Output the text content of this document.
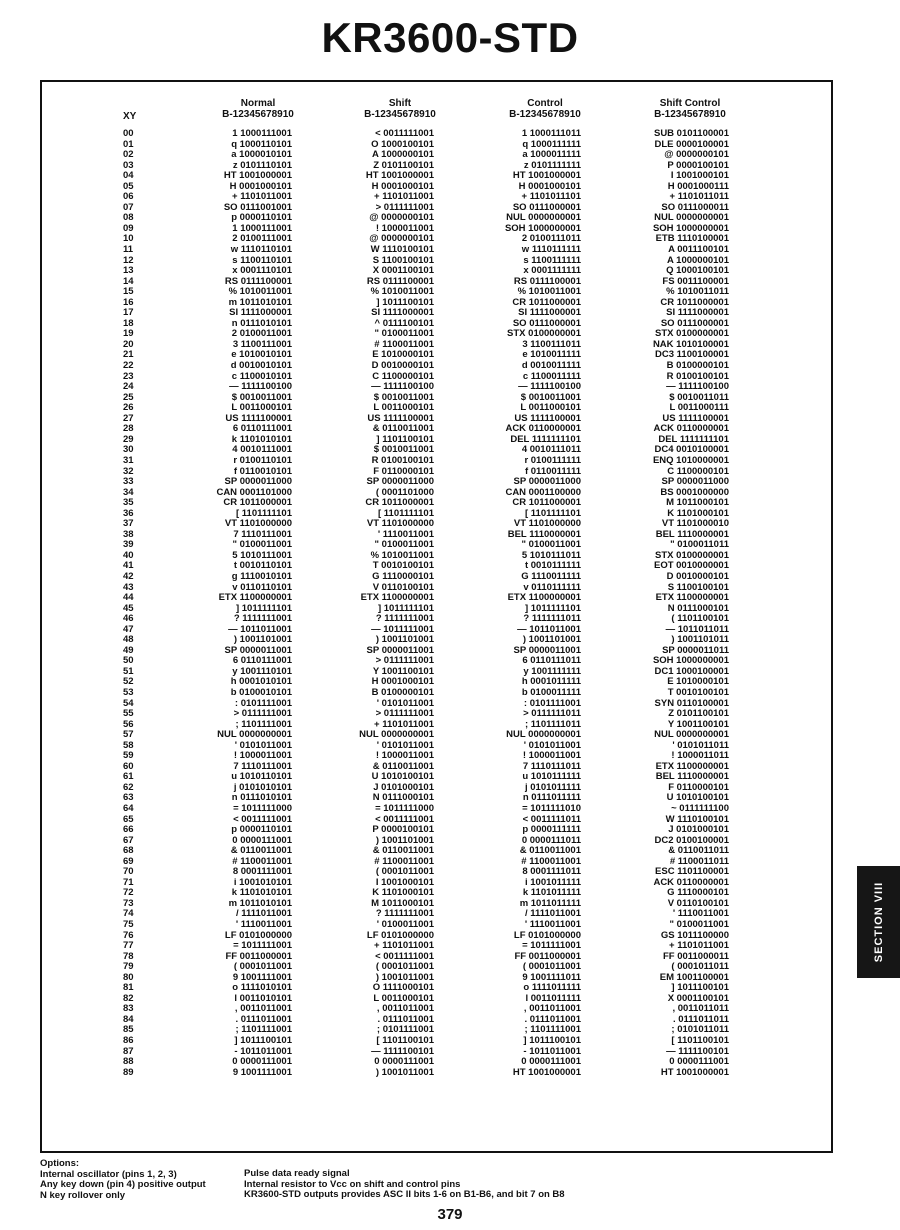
KR3600-STD
XY
Normal
B-12345678910
Shift
B-12345678910
Control
B-12345678910
Shift Control
B-12345678910
00	1 1000111001	< 0011111001	1 1000111011	SUB 0101100001
01	q 1000110101	O 1000100101	q 1000111111	DLE 0000100001
02	a 1000010101	A 1000000101	a 1000011111	@ 0000000101
03	z 0101110101	Z 0101100101	z 0101111111	P 0000100101
04	HT 1001000001	HT 1001000001	HT 1001000001	I 1001000101
05	H 0001000101	H 0001000101	H 0001000101	H 0001000111
06	+ 1101011001	+ 1101011001	+ 1101011101	+ 1101011011
07	SO 0111001001	> 0111111001	SO 0111000001	SO 0111000011
08	p 0000110101	@ 0000000101	NUL 0000000001	NUL 0000000001
09	1 1000111001	! 1000011001	SOH 1000000001	SOH 1000000001
10	2 0100111001	@ 0000000101	2 0100111011	ETB 1110100001
11	w 1110110101	W 1110100101	w 1110111111	A 0011100101
12	s 1100110101	S 1100100101	s 1100111111	A 1000000101
13	x 0001110101	X 0001100101	x 0001111111	Q 1000100101
14	RS 0111100001	RS 0111100001	RS 0111100001	FS 0011100001
15	% 1010011001	% 1010011001	% 1010011001	% 1010011011
16	m 1011010101	] 1011100101	CR 1011000001	CR 1011000001
17	SI 1111000001	SI 1111000001	SI 1111000001	SI 1111000001
18	n 0111010101	^ 0111100101	SO 0111000001	SO 0111000001
19	2 0100011001	" 0100011001	STX 0100000001	STX 0100000001
20	3 1100111001	# 1100011001	3 1100111011	NAK 1010100001
21	e 1010010101	E 1010000101	e 1010011111	DC3 1100100001
22	d 0010010101	D 0010000101	d 0010011111	B 0100000101
23	c 1100010101	C 1100000101	c 1100011111	R 0100100101
24	— 1111100100	— 1111100100	— 1111100100	— 1111100100
25	$ 0010011001	$ 0010011001	$ 0010011001	$ 0010011011
26	L 0011000101	L 0011000101	L 0011000101	L 0011000111
27	US 1111100001	US 1111100001	US 1111100001	US 1111100001
28	6 0110111001	& 0110011001	ACK 0110000001	ACK 0110000001
29	k 1101010101	] 1101100101	DEL 1111111101	DEL 1111111101
30	4 0010111001	$ 0010011001	4 0010111011	DC4 0010100001
31	r 0100110101	R 0100100101	r 0100111111	ENQ 1010000001
32	f 0110010101	F 0110000101	f 0110011111	C 1100000101
33	SP 0000011000	SP 0000011000	SP 0000011000	SP 0000011000
34	CAN 0001101000	( 0001101000	CAN 0001100000	BS 0001000000
35	CR 1011000001	CR 1011000001	CR 1011000001	M 1011000101
36	[ 1101111101	[ 1101111101	[ 1101111101	K 1101000101
37	VT 1101000000	VT 1101000000	VT 1101000000	VT 1101000010
38	7 1110111001	' 1110011001	BEL 1110000001	BEL 1110000001
39	" 0100011001	" 0100011001	" 0100011001	" 0100011011
40	5 1010111001	% 1010011001	5 1010111011	STX 0100000001
41	t 0010110101	T 0010100101	t 0010111111	EOT 0010000001
42	g 1110010101	G 1110000101	G 1110011111	D 0010000101
43	v 0110110101	V 0110100101	v 0110111111	S 1100100101
44	ETX 1100000001	ETX 1100000001	ETX 1100000001	ETX 1100000001
45	] 1011111101	] 1011111101	] 1011111101	N 0111000101
46	? 1111111001	? 1111111001	? 1111111011	( 1101100101
47	— 1011011001	— 1011111001	— 1011011001	— 1011011011
48	) 1001101001	) 1001101001	) 1001101001	) 1001101011
49	SP 0000011001	SP 0000011001	SP 0000011001	SP 0000011011
50	6 0110111001	> 0111111001	6 0110111011	SOH 1000000001
51	y 1001110101	Y 1001100101	y 1001111111	DC1 1000100001
52	h 0001010101	H 0001000101	h 0001011111	E 1010000101
53	b 0100010101	B 0100000101	b 0100011111	T 0010100101
54	: 0101111001	' 0101011001	: 0101111001	SYN 0110100001
55	> 0111111001	> 0111111001	> 0111111011	Z 0101100101
56	; 1101111001	+ 1101011001	; 1101111011	Y 1001100101
57	NUL 0000000001	NUL 0000000001	NUL 0000000001	NUL 0000000001
58	' 0101011001	' 0101011001	' 0101011001	' 0101011011
59	! 1000011001	! 1000011001	! 1000011001	! 1000011011
60	7 1110111001	& 0110011001	7 1110111011	ETX 1100000001
61	u 1010110101	U 1010100101	u 1010111111	BEL 1110000001
62	j 0101010101	J 0101000101	j 0101011111	F 0110000101
63	n 0111010101	N 0111000101	n 0111011111	U 1010100101
64	= 1011111000	= 1011111000	= 1011111010	~ 0111111100
65	< 0011111001	< 0011111001	< 0011111011	W 1110100101
66	p 0000110101	P 0000100101	p 0000111111	J 0101000101
67	0 0000111001	) 1001101001	0 0000111011	DC2 0100100001
68	& 0110011001	& 0110011001	& 0110011001	& 0110011011
69	# 1100011001	# 1100011001	# 1100011001	# 1100011011
70	8 0001111001	( 0001011001	8 0001111011	ESC 1101100001
71	i 1001010101	I 1001000101	i 1001011111	ACK 0110000001
72	k 1101010101	K 1101000101	k 1101011111	G 1110000101
73	m 1011010101	M 1011000101	m 1011011111	V 0110100101
74	/ 1111011001	? 1111111001	/ 1111011001	' 1110011001
75	' 1110011001	' 0100011001	' 1110011001	" 0100011001
76	LF 0101000000	LF 0101000000	LF 0101000000	GS 1011100000
77	= 1011111001	+ 1101011001	= 1011111001	+ 1101011001
78	FF 0011000001	< 0011111001	FF 0011000001	FF 0011000011
79	( 0001011001	( 0001011001	( 0001011001	( 0001011011
80	9 1001111001	) 1001011001	9 1001111011	EM 1001100001
81	o 1111010101	O 1111000101	o 1111011111	] 1011100101
82	l 0011010101	L 0011000101	l 0011011111	X 0001100101
83	, 0011011001	, 0011011001	, 0011011001	, 0011011011
84	. 0111011001	. 0111011001	. 0111011001	. 0111011011
85	; 1101111001	; 0101111001	; 1101111001	; 0101011011
86	] 1011100101	[ 1101100101	] 1011100101	[ 1101100101
87	- 1011011001	— 1111100101	- 1011011001	— 1111100101
88	0 0000111001	0 0000111001	0 0000111001	0 0000111001
89	9 1001111001	) 1001011001	HT 1001000001	HT 1001000001
Options:
Internal oscillator (pins 1, 2, 3)
Any key down (pin 4) positive output
N key rollover only
Pulse data ready signal
Internal resistor to Vcc on shift and control pins
KR3600-STD outputs provides ASC II bits 1-6 on B1-B6, and bit 7 on B8
379
SECTION VIII
